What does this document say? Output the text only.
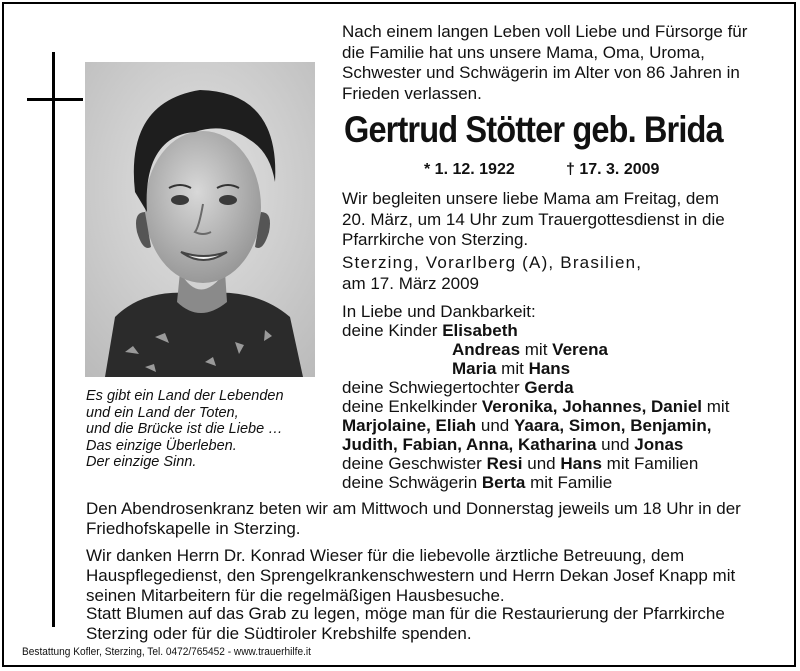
Es gibt ein Land der Lebenden
und ein Land der Toten,
und die Brücke ist die Liebe …
Das einzige Überleben.
Der einzige Sinn.
Nach einem langen Leben voll Liebe und Fürsorge für
die Familie hat uns unsere Mama, Oma, Uroma,
Schwester und Schwägerin im Alter von 86 Jahren in
Frieden verlassen.
Gertrud Stötter geb. Brida
* 1. 12. 1922	† 17. 3. 2009
Wir begleiten unsere liebe Mama am Freitag, dem
20. März, um 14 Uhr zum Trauergottesdienst in die
Pfarrkirche von Sterzing.
Sterzing, Vorarlberg (A), Brasilien,
am 17. März 2009
In Liebe und Dankbarkeit:
deine Kinder Elisabeth
Andreas mit Verena
Maria mit Hans
deine Schwiegertochter Gerda
deine Enkelkinder Veronika, Johannes, Daniel mit
Marjolaine, Eliah und Yaara, Simon, Benjamin,
Judith, Fabian, Anna, Katharina und Jonas
deine Geschwister Resi und Hans mit Familien
deine Schwägerin Berta mit Familie
Den Abendrosenkranz beten wir am Mittwoch und Donnerstag jeweils um 18 Uhr in der
Friedhofskapelle in Sterzing.
Wir danken Herrn Dr. Konrad Wieser für die liebevolle ärztliche Betreuung, dem
Hauspflegedienst, den Sprengelkrankenschwestern und Herrn Dekan Josef Knapp mit
seinen Mitarbeitern für die regelmäßigen Hausbesuche.
Statt Blumen auf das Grab zu legen, möge man für die Restaurierung der Pfarrkirche
Sterzing oder für die Südtiroler Krebshilfe spenden.
Bestattung Kofler, Sterzing, Tel. 0472/765452 - www.trauerhilfe.it
